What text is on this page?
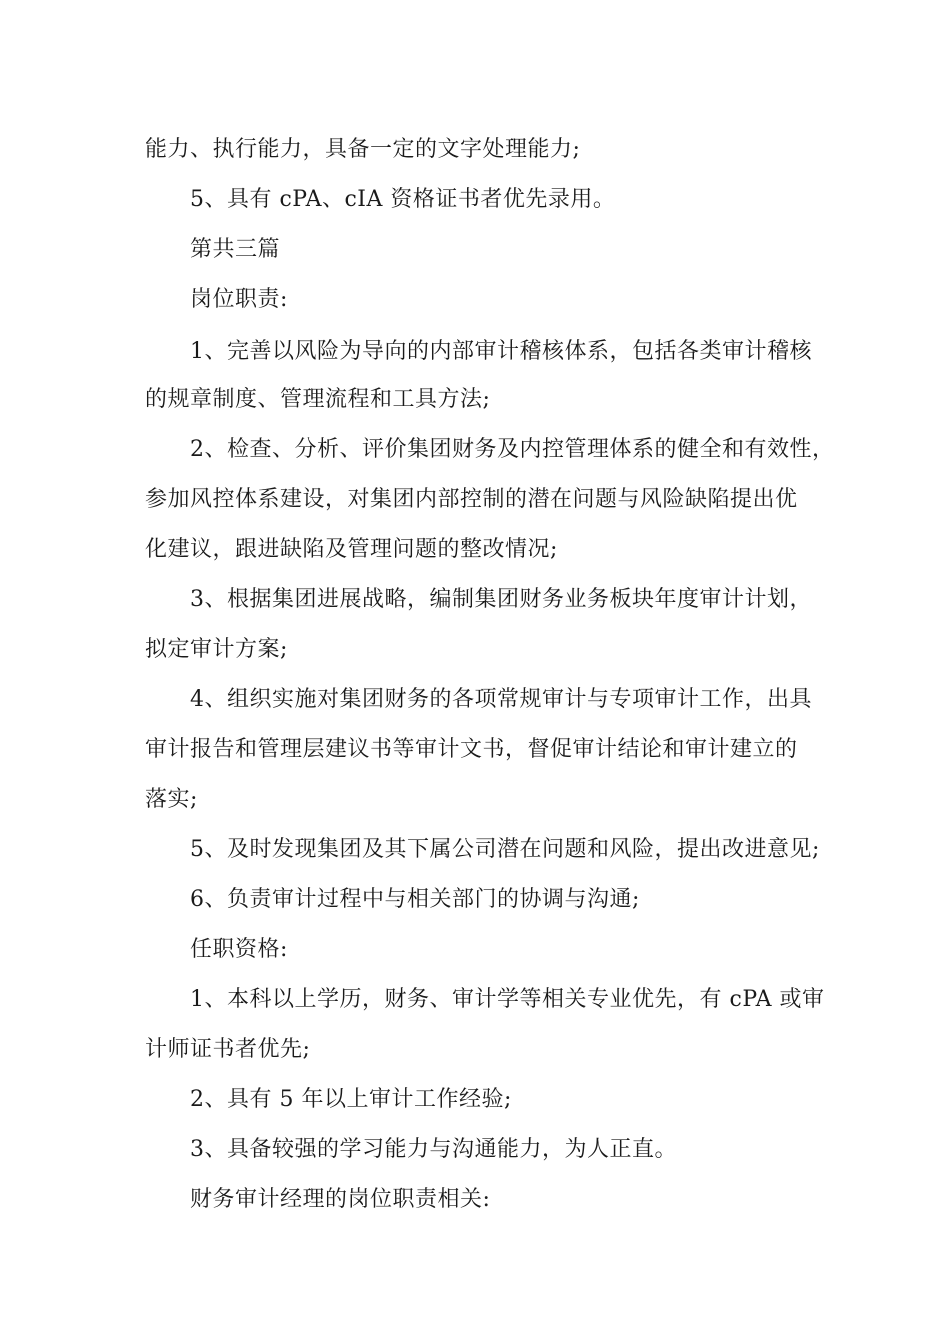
能力、执行能力，具备一定的文字处理能力;
5、具有 cPA、cIA 资格证书者优先录用。
第共三篇
岗位职责:
1、完善以风险为导向的内部审计稽核体系，包括各类审计稽核
的规章制度、管理流程和工具方法;
2、检查、分析、评价集团财务及内控管理体系的健全和有效性，
参加风控体系建设，对集团内部控制的潜在问题与风险缺陷提出优
化建议，跟进缺陷及管理问题的整改情况;
3、根据集团进展战略，编制集团财务业务板块年度审计计划，
拟定审计方案;
4、组织实施对集团财务的各项常规审计与专项审计工作，出具
审计报告和管理层建议书等审计文书，督促审计结论和审计建立的
落实;
5、及时发现集团及其下属公司潜在问题和风险，提出改进意见;
6、负责审计过程中与相关部门的协调与沟通;
任职资格:
1、本科以上学历，财务、审计学等相关专业优先，有 cPA 或审
计师证书者优先;
2、具有 5 年以上审计工作经验;
3、具备较强的学习能力与沟通能力，为人正直。
财务审计经理的岗位职责相关:
